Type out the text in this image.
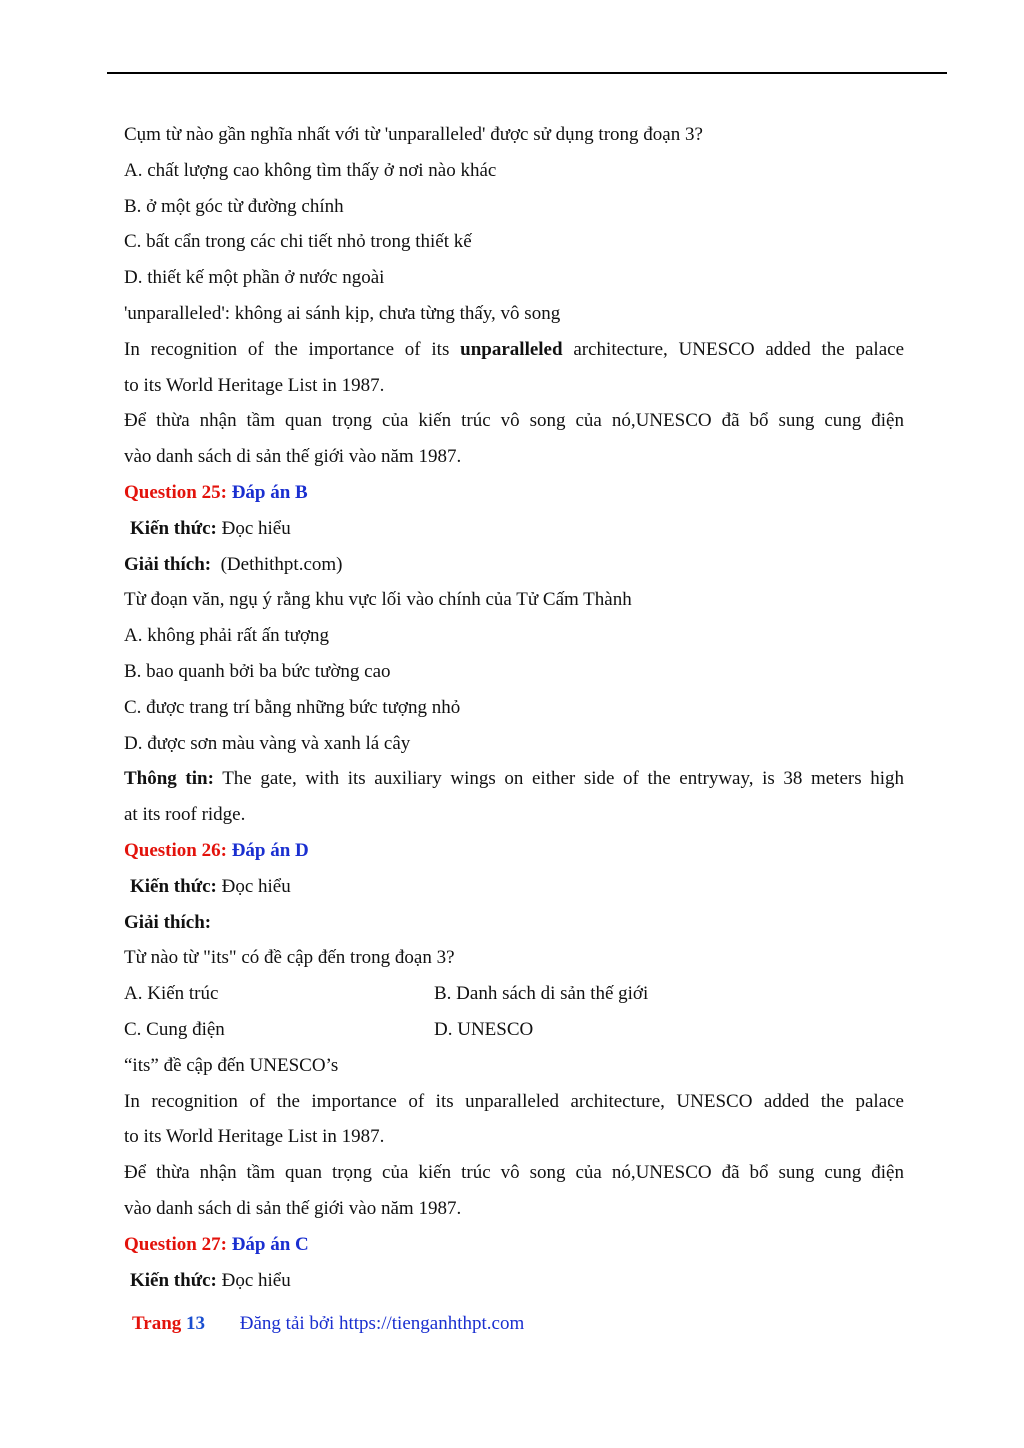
Cụm từ nào gần nghĩa nhất với từ 'unparalleled' được sử dụng trong đoạn 3?
A. chất lượng cao không tìm thấy ở nơi nào khác
B. ở một góc từ đường chính
C. bất cẩn trong các chi tiết nhỏ trong thiết kế
D. thiết kế một phần ở nước ngoài
'unparalleled': không ai sánh kịp, chưa từng thấy, vô song
In recognition of the importance of its unparalleled architecture, UNESCO added the palace
to its World Heritage List in 1987.
Để thừa nhận tầm quan trọng của kiến trúc vô song của nó,UNESCO đã bổ sung cung điện
vào danh sách di sản thế giới vào năm 1987.
Question 25: Đáp án B
Kiến thức: Đọc hiểu
Giải thích: (Dethithpt.com)
Từ đoạn văn, ngụ ý rằng khu vực lối vào chính của Tử Cấm Thành
A. không phải rất ấn tượng
B. bao quanh bởi ba bức tường cao
C. được trang trí bằng những bức tượng nhỏ
D. được sơn màu vàng và xanh lá cây
Thông tin: The gate, with its auxiliary wings on either side of the entryway, is 38 meters high
at its roof ridge.
Question 26: Đáp án D
Kiến thức: Đọc hiểu
Giải thích:
Từ nào từ "its" có đề cập đến trong đoạn 3?
A. Kiến trúc	B. Danh sách di sản thế giới
C. Cung điện	D. UNESCO
“its” đề cập đến UNESCO’s
In recognition of the importance of its unparalleled architecture, UNESCO added the palace
to its World Heritage List in 1987.
Để thừa nhận tầm quan trọng của kiến trúc vô song của nó,UNESCO đã bổ sung cung điện
vào danh sách di sản thế giới vào năm 1987.
Question 27: Đáp án C
Kiến thức: Đọc hiểu
Trang 13 Đăng tải bởi https://tienganhthpt.com
